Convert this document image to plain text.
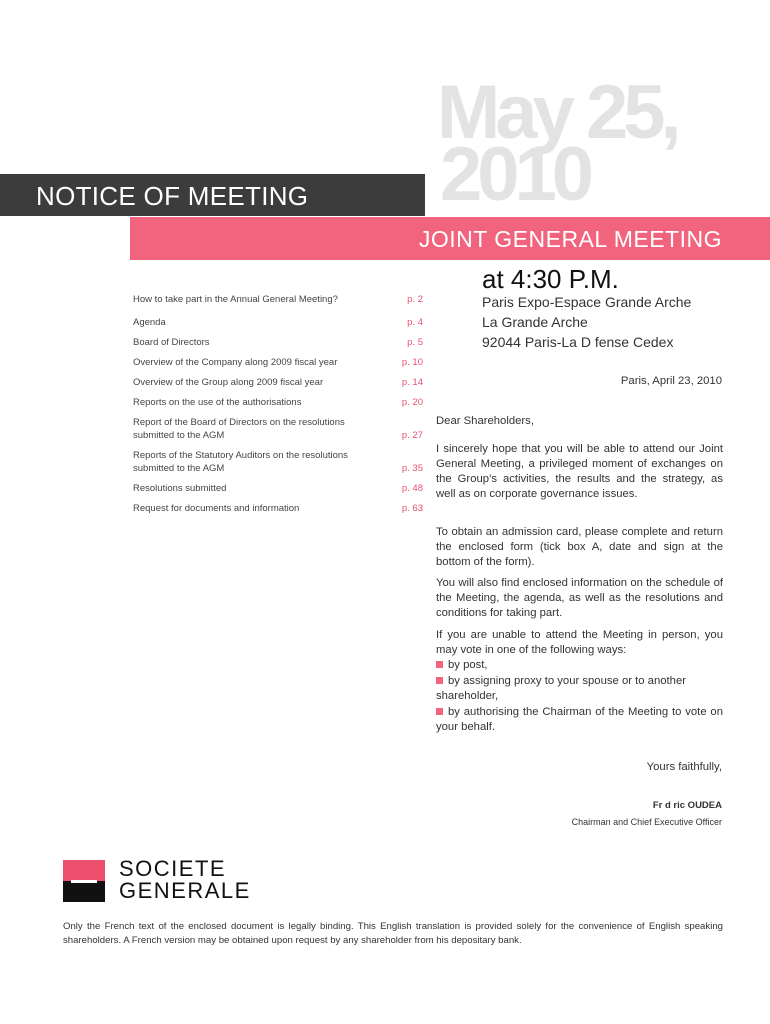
May 25,
2010
NOTICE OF MEETING
JOINT GENERAL MEETING
at 4:30 P.M.
Paris Expo-Espace Grande Arche
La Grande Arche
92044 Paris-La D fense Cedex
How to take part in the Annual General Meeting?	p. 2
Agenda	p. 4
Board of Directors	p. 5
Overview of the Company along 2009 fiscal year	p. 10
Overview of the Group along 2009 fiscal year	p. 14
Reports on the use of the authorisations	p. 20
Report of the Board of Directors on the resolutions submitted to the AGM	p. 27
Reports of the Statutory Auditors on the resolutions submitted to the AGM	p. 35
Resolutions submitted	p. 48
Request for documents and information	p. 63
Paris, April 23, 2010
Dear Shareholders,
I sincerely hope that you will be able to attend our Joint General Meeting, a privileged moment of exchanges on the Group’s activities, the results and the strategy, as well as on corporate governance issues.
To obtain an admission card, please complete and return the enclosed form (tick box A, date and sign at the bottom of the form).
You will also find enclosed information on the schedule of the Meeting, the agenda, as well as the resolutions and conditions for taking part.
If you are unable to attend the Meeting in person, you may vote in one of the following ways:
by post,
by assigning proxy to your spouse or to another shareholder,
by authorising the Chairman of the Meeting to vote on your behalf.
Yours faithfully,
Fr d ric OUDEA
Chairman and Chief Executive Officer
SOCIETE
GENERALE
Only the French text of the enclosed document is legally binding. This English translation is provided solely for the convenience of English speaking shareholders. A French version may be obtained upon request by any shareholder from his depositary bank.
